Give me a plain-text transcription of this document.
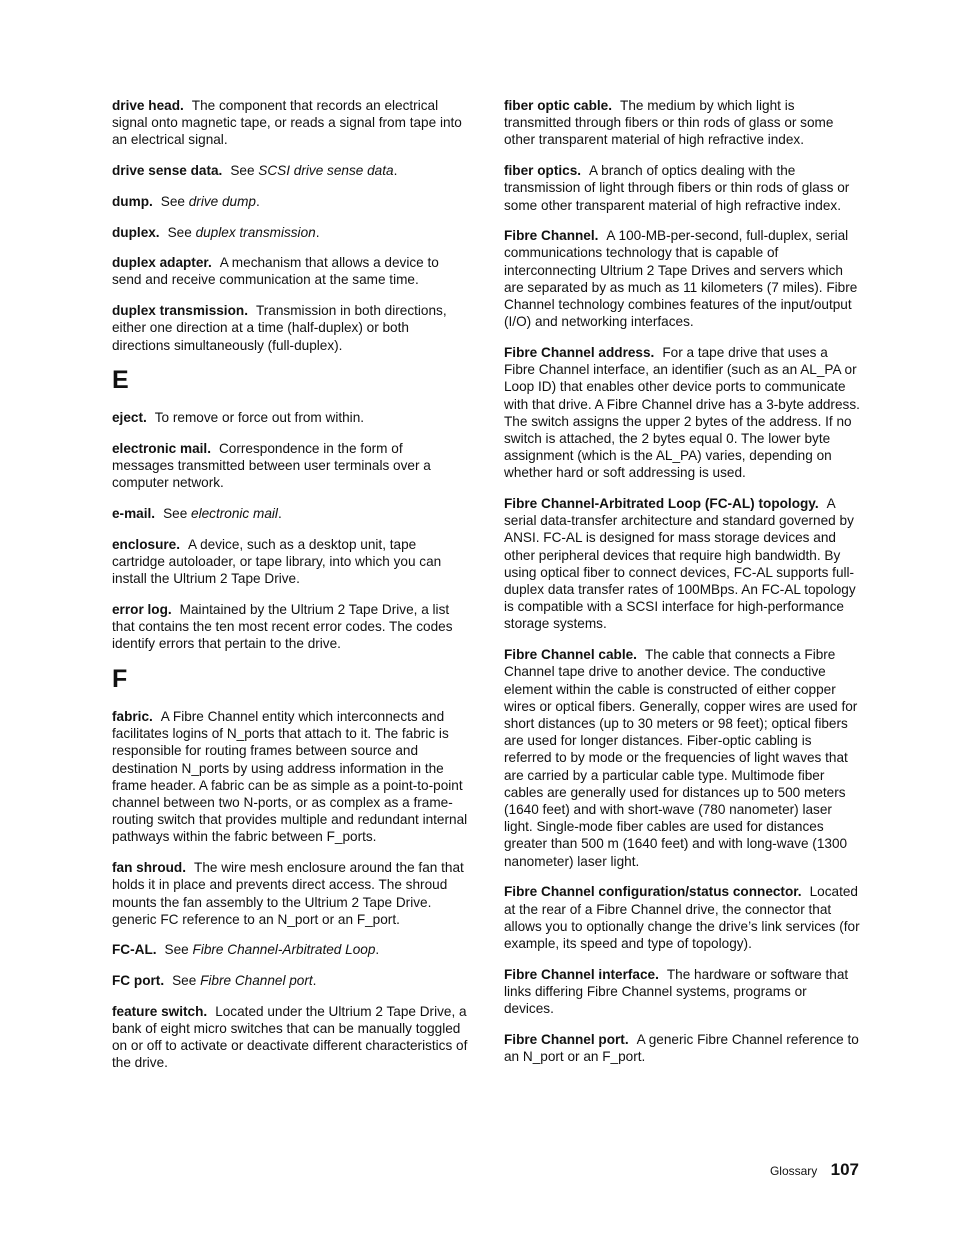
drive head. The component that records an electrical signal onto magnetic tape, or reads a signal from tape into an electrical signal.

drive sense data. See SCSI drive sense data.

dump. See drive dump.

duplex. See duplex transmission.

duplex adapter. A mechanism that allows a device to send and receive communication at the same time.

duplex transmission. Transmission in both directions, either one direction at a time (half-duplex) or both directions simultaneously (full-duplex).

E

eject. To remove or force out from within.

electronic mail. Correspondence in the form of messages transmitted between user terminals over a computer network.

e-mail. See electronic mail.

enclosure. A device, such as a desktop unit, tape cartridge autoloader, or tape library, into which you can install the Ultrium 2 Tape Drive.

error log. Maintained by the Ultrium 2 Tape Drive, a list that contains the ten most recent error codes. The codes identify errors that pertain to the drive.

F

fabric. A Fibre Channel entity which interconnects and facilitates logins of N_ports that attach to it. The fabric is responsible for routing frames between source and destination N_ports by using address information in the frame header. A fabric can be as simple as a point-to-point channel between two N-ports, or as complex as a frame-routing switch that provides multiple and redundant internal pathways within the fabric between F_ports.

fan shroud. The wire mesh enclosure around the fan that holds it in place and prevents direct access. The shroud mounts the fan assembly to the Ultrium 2 Tape Drive. generic FC reference to an N_port or an F_port.

FC-AL. See Fibre Channel-Arbitrated Loop.

FC port. See Fibre Channel port.

feature switch. Located under the Ultrium 2 Tape Drive, a bank of eight micro switches that can be manually toggled on or off to activate or deactivate different characteristics of the drive.

fiber optic cable. The medium by which light is transmitted through fibers or thin rods of glass or some other transparent material of high refractive index.

fiber optics. A branch of optics dealing with the transmission of light through fibers or thin rods of glass or some other transparent material of high refractive index.

Fibre Channel. A 100-MB-per-second, full-duplex, serial communications technology that is capable of interconnecting Ultrium 2 Tape Drives and servers which are separated by as much as 11 kilometers (7 miles). Fibre Channel technology combines features of the input/output (I/O) and networking interfaces.

Fibre Channel address. For a tape drive that uses a Fibre Channel interface, an identifier (such as an AL_PA or Loop ID) that enables other device ports to communicate with that drive. A Fibre Channel drive has a 3-byte address. The switch assigns the upper 2 bytes of the address. If no switch is attached, the 2 bytes equal 0. The lower byte assignment (which is the AL_PA) varies, depending on whether hard or soft addressing is used.

Fibre Channel-Arbitrated Loop (FC-AL) topology. A serial data-transfer architecture and standard governed by ANSI. FC-AL is designed for mass storage devices and other peripheral devices that require high bandwidth. By using optical fiber to connect devices, FC-AL supports full-duplex data transfer rates of 100MBps. An FC-AL topology is compatible with a SCSI interface for high-performance storage systems.

Fibre Channel cable. The cable that connects a Fibre Channel tape drive to another device. The conductive element within the cable is constructed of either copper wires or optical fibers. Generally, copper wires are used for short distances (up to 30 meters or 98 feet); optical fibers are used for longer distances. Fiber-optic cabling is referred to by mode or the frequencies of light waves that are carried by a particular cable type. Multimode fiber cables are generally used for distances up to 500 meters (1640 feet) and with short-wave (780 nanometer) laser light. Single-mode fiber cables are used for distances greater than 500 m (1640 feet) and with long-wave (1300 nanometer) laser light.

Fibre Channel configuration/status connector. Located at the rear of a Fibre Channel drive, the connector that allows you to optionally change the drive’s link services (for example, its speed and type of topology).

Fibre Channel interface. The hardware or software that links differing Fibre Channel systems, programs or devices.

Fibre Channel port. A generic Fibre Channel reference to an N_port or an F_port.

Glossary 107
